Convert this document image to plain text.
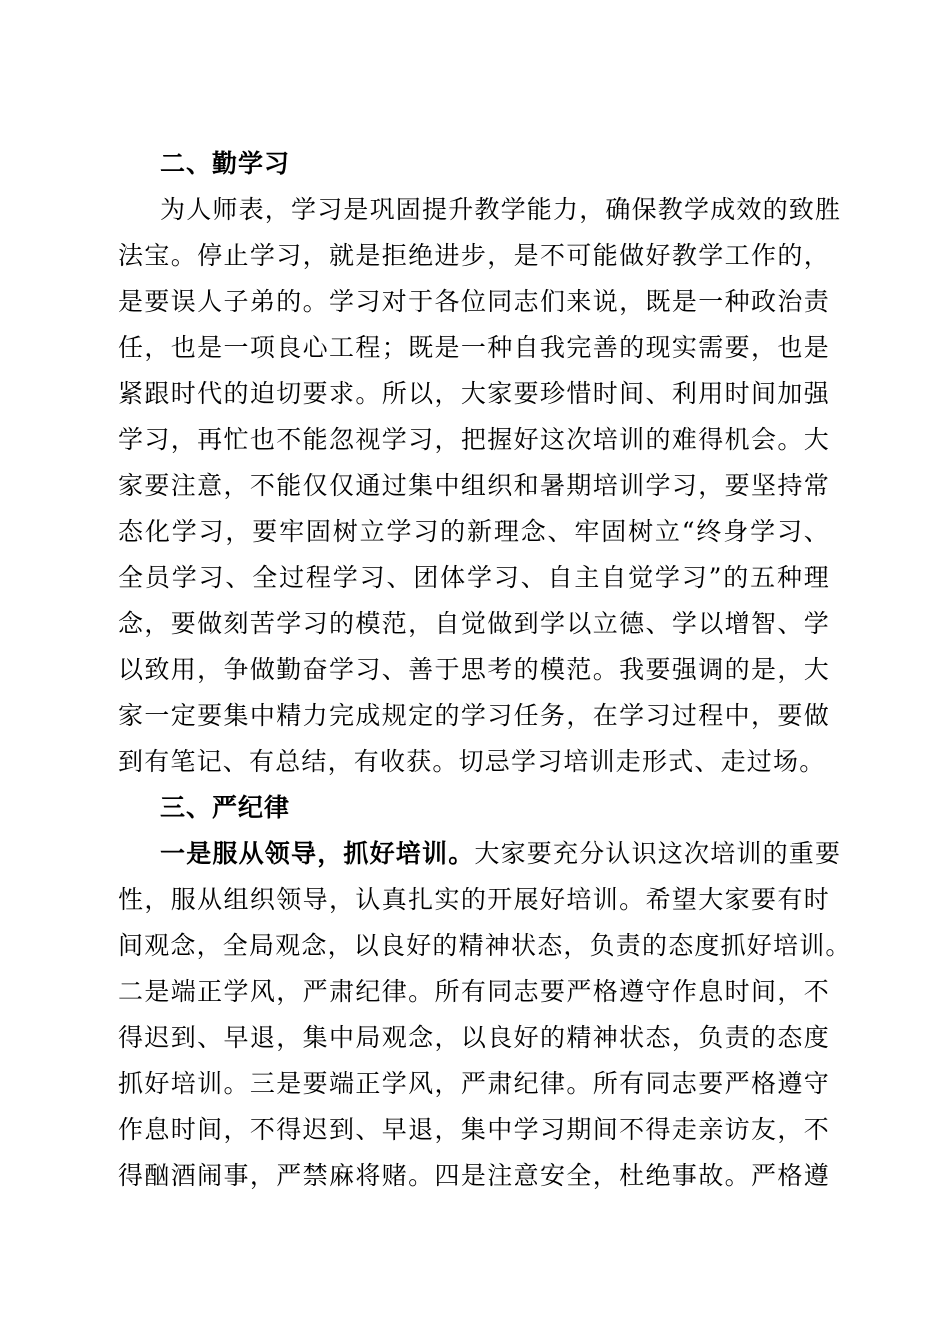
二、勤学习
为人师表，学习是巩固提升教学能力，确保教学成效的致胜
法宝。停止学习，就是拒绝进步，是不可能做好教学工作的，
是要误人子弟的。学习对于各位同志们来说，既是一种政治责
任，也是一项良心工程；既是一种自我完善的现实需要，也是
紧跟时代的迫切要求。所以，大家要珍惜时间、利用时间加强
学习，再忙也不能忽视学习，把握好这次培训的难得机会。大
家要注意，不能仅仅通过集中组织和暑期培训学习，要坚持常
态化学习，要牢固树立学习的新理念、牢固树立“终身学习、
全员学习、全过程学习、团体学习、自主自觉学习”的五种理
念，要做刻苦学习的模范，自觉做到学以立德、学以增智、学
以致用，争做勤奋学习、善于思考的模范。我要强调的是，大
家一定要集中精力完成规定的学习任务，在学习过程中，要做
到有笔记、有总结，有收获。切忌学习培训走形式、走过场。
三、严纪律
一是服从领导，抓好培训。大家要充分认识这次培训的重要
性，服从组织领导，认真扎实的开展好培训。希望大家要有时
间观念，全局观念，以良好的精神状态，负责的态度抓好培训。
二是端正学风，严肃纪律。所有同志要严格遵守作息时间，不
得迟到、早退，集中局观念，以良好的精神状态，负责的态度
抓好培训。三是要端正学风，严肃纪律。所有同志要严格遵守
作息时间，不得迟到、早退，集中学习期间不得走亲访友，不
得酗酒闹事，严禁麻将赌。四是注意安全，杜绝事故。严格遵
